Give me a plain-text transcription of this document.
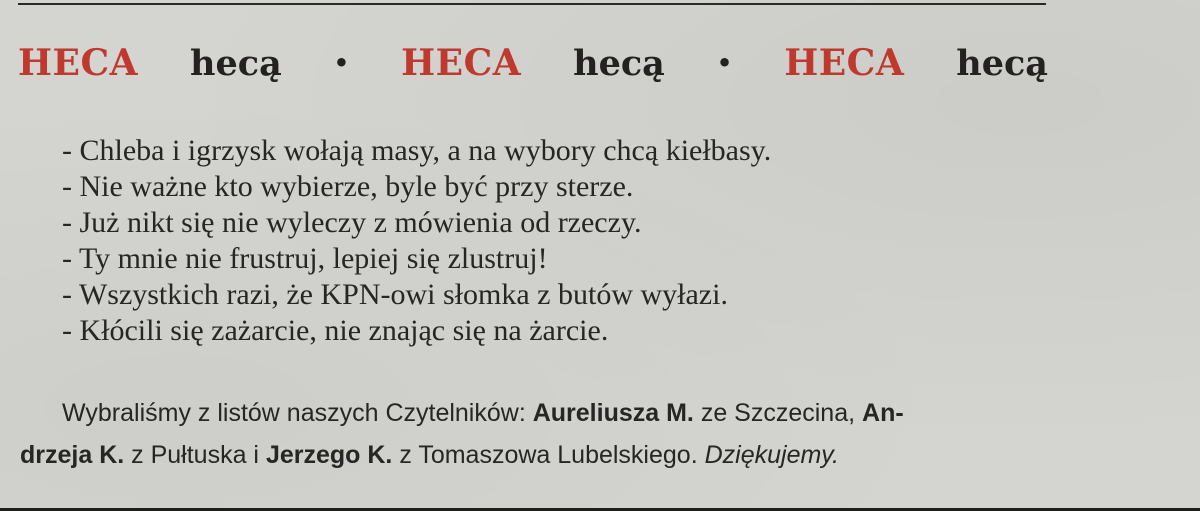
HECA hecą • HECA hecą • HECA hecą
- Chleba i igrzysk wołają masy, a na wybory chcą kiełbasy.
- Nie ważne kto wybierze, byle być przy sterze.
- Już nikt się nie wyleczy z mówienia od rzeczy.
- Ty mnie nie frustruj, lepiej się zlustruj!
- Wszystkich razi, że KPN-owi słomka z butów wyłazi.
- Kłócili się zażarcie, nie znając się na żarcie.
Wybraliśmy z listów naszych Czytelników: Aureliusza M. ze Szczecina, An-
drzeja K. z Pułtuska i Jerzego K. z Tomaszowa Lubelskiego. Dziękujemy.
